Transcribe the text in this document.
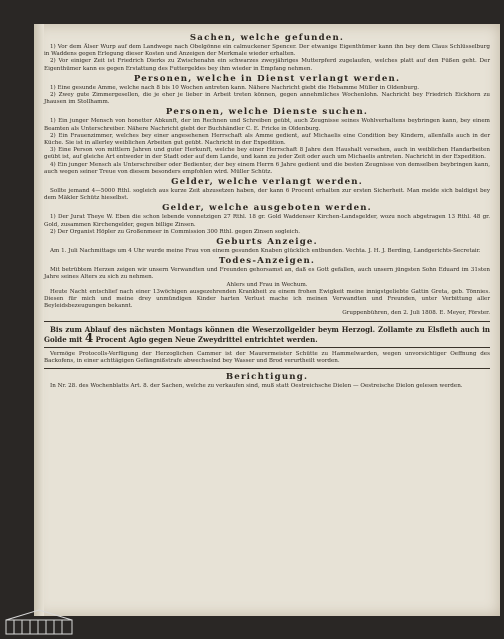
Sachen, welche gefunden.

1) Vor dem Älser Wurp auf dem Landwege nach Obelgönne ein calmuckener Spencer. Der etwanige Eigenthümer kann ihn bey dem Claus Schlüsselburg in Waddens gegen Erlegung dieser Kosten und Anzeigen der Merkmale wieder erhalten.

2) Vor einiger Zeit ist Friedrich Dierks zu Zwischenahn ein schwarzes zweyjähriges Mutterpferd zugelaufen, welches platt auf den Füßen geht. Der Eigenthümer kann es gegen Erstattung des Futtergeldes bey ihm wieder in Empfang nehmen.

Personen, welche in Dienst verlangt werden.

1) Eine gesunde Amme, welche nach 8 bis 10 Wochen antreten kann. Nähere Nachricht giebt die Hebamme Müller in Oldenburg.

2) Zwey gute Zimmergesellen, die je eher je lieber in Arbeit treten können, gegen annehmliches Wochenlohn. Nachricht bey Friedrich Eickhorn zu Jhausen im Stollhamm.

Personen, welche Dienste suchen.

1) Ein junger Mensch von honetter Abkunft, der im Rechnen und Schreiben geübt, auch Zeugnisse seines Wohlverhaltens beybringen kann, bey einem Beamten als Unterschreiber. Nähere Nachricht giebt der Buchhändler C. E. Fricke in Oldenburg.

2) Ein Frauenzimmer, welches bey einer angesehenen Herrschaft als Amme gedient, auf Michaelis eine Condition bey Kindern, allenfalls auch in der Küche. Sie ist in allerley weiblichen Arbeiten gut geübt. Nachricht in der Expedition.

3) Eine Person von mittlern Jahren und guter Herkunft, welche bey einer Herrschaft 8 Jahre den Haushalt versehen, auch in weiblichen Handarbeiten geübt ist, auf gleiche Art entweder in der Stadt oder auf dem Lande, und kann zu jeder Zeit oder auch um Michaelis antreten. Nachricht in der Expedition.

4) Ein junger Mensch als Unterschreiber oder Bedienter, der bey einem Herrn 6 Jahre gedient und die besten Zeugnisse von demselben beybringen kann, auch wegen seiner Treue von diesem besonders empfohlen wird. Müller Schütz.

Gelder, welche verlangt werden.

Sollte jemand 4—5000 Rthl. sogleich aus kurze Zeit abzusetzen haben, der kann 6 Procent erhalten zur ersten Sicherheit. Man melde sich baldigst bey dem Mäkler Schütz hieselbst.

Gelder, welche ausgeboten werden.

1) Der Jurat Theye W. Eben die schon lebende vonnetzigen 27 Rthl. 18 gr. Gold Waddenser Kirchen-Landsgelder, wozu noch abgetragen 13 Rthl. 48 gr. Gold, zusammen Kirchengelder, gegen billige Zinsen.

2) Der Organist Höpler zu Großenmeer in Commission 300 Rthl. gegen Zinsen sogleich.

Geburts Anzeige.

Am 1. Juli Nachmittags um 4 Uhr wurde meine Frau von einem gesunden Knaben glücklich entbunden. Vechta. J. H. J. Berding, Landgerichts-Secretair.

Todes-Anzeigen.

Mit betrübtem Herzen zeigen wir unsern Verwandten und Freunden gehorsamst an, daß es Gott gefallen, auch unsern jüngsten Sohn Eduard im 31sten Jahre seines Alters zu sich zu nehmen.

Ahlers und Frau in Wechum.

Heute Nacht entschlief nach einer 13wöchigen ausgezehrenden Krankheit zu einem frohen Ewigkeit meine innigstgeliebte Gattin Greta, geb. Tönnies. Diesen für mich und meine drey unmündigen Kinder harten Verlust mache ich meinen Verwandten und Freunden, unter Verbittung aller Beyleidsbezeugungen bekannt.

Gruppenbühren, den 2. Juli 1808. E. Meyer, Förster.

Bis zum Ablauf des nächsten Montags können die Weserzollgelder beym Herzogl. Zollamte zu Elsfleth auch in Golde mit 4 Procent Agio gegen Neue Zweydrittel entrichtet werden.

Vermöge Protocolls-Verfügung der Herzoglichen Cammer ist der Maurermeister Schütte zu Hammelwarden, wegen unvorsichtiger Oeffnung des Backofens, in einer achttägigen Gefängnißstrafe abwechselnd bey Wasser und Brod verurtheilt worden.

Berichtigung.

In Nr. 28. des Wochenblatts Art. 8. der Sachen, welche zu verkaufen sind, muß statt Oestreichsche Dielen — Oestreische Dielon gelesen werden.
